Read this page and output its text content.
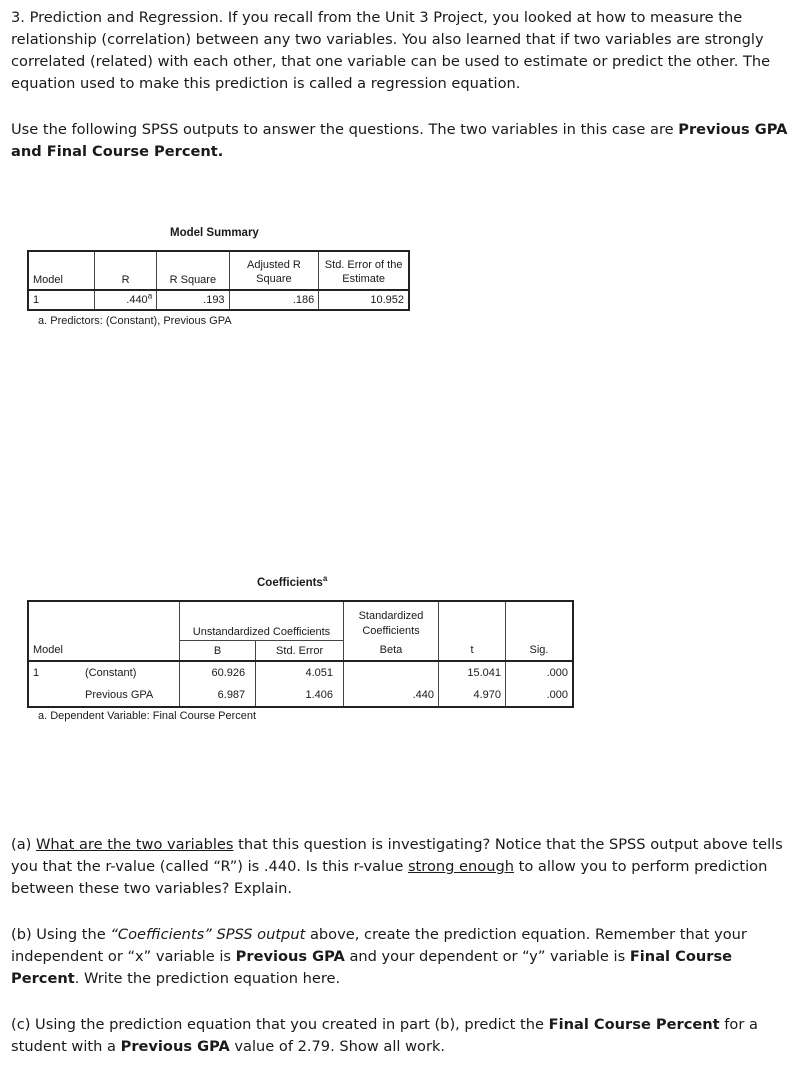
3. Prediction and Regression. If you recall from the Unit 3 Project, you looked at how to measure the relationship (correlation) between any two variables. You also learned that if two variables are strongly correlated (related) with each other, that one variable can be used to estimate or predict the other. The equation used to make this prediction is called a regression equation.

Use the following SPSS outputs to answer the questions. The two variables in this case are Previous GPA and Final Course Percent.

Model Summary
Model	R	R Square	Adjusted R Square	Std. Error of the Estimate
1	.440$^a$	.193	.186	10.952
a. Predictors: (Constant), Previous GPA
Coefficients$^a$
		Unstandardized Coefficients		Standardized Coefficients		
Model		B	Std. Error	Beta	t	Sig.
1	(Constant)	60.926	4.051		15.041	.000
	Previous GPA	6.987	1.406	.440	4.970	.000
a. Dependent Variable: Final Course Percent

(a) What are the two variables that this question is investigating? Notice that the SPSS output above tells you that the r-value (called “R”) is .440. Is this r-value strong enough to allow you to perform prediction between these two variables? Explain.

(b) Using the “Coefficients” SPSS output above, create the prediction equation. Remember that your independent or “x” variable is Previous GPA and your dependent or “y” variable is Final Course Percent. Write the prediction equation here.

(c) Using the prediction equation that you created in part (b), predict the Final Course Percent for a student with a Previous GPA value of 2.79. Show all work.
